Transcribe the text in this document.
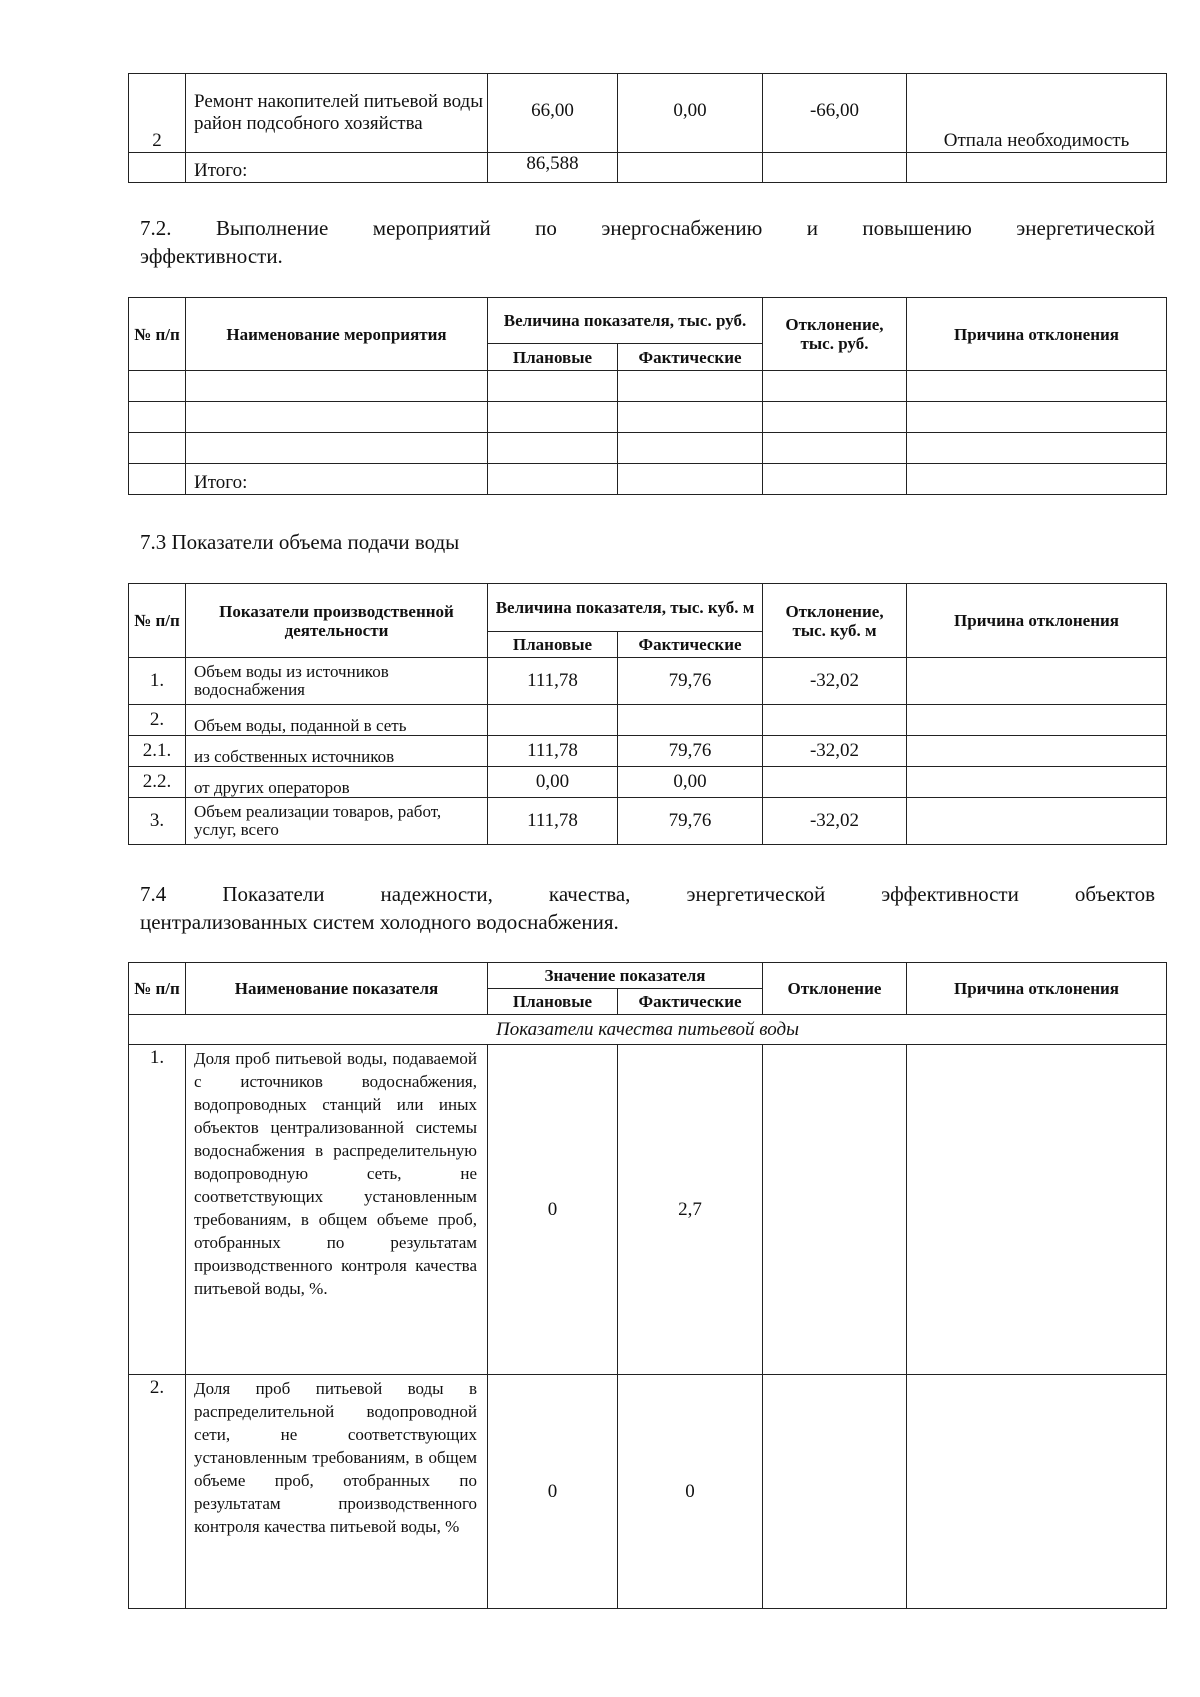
2	Ремонт накопителей питьевой воды район подсобного хозяйства	66,00	0,00	-66,00	Отпала необходимость
	Итого:	86,588			
7.2. Выполнение мероприятий по энергоснабжению и повышению энергетической
эффективности.
№ п/п	Наименование мероприятия	Величина показателя, тыс. руб.		Отклонение, тыс. руб.	Причина отклонения
		Плановые	Фактические		

	Итого:				
7.3 Показатели объема подачи воды
№ п/п	Показатели производственной деятельности	Величина показателя, тыс. куб. м		Отклонение, тыс. куб. м	Причина отклонения
		Плановые	Фактические		
1.	Объем воды из источников водоснабжения	111,78	79,76	-32,02	
2.	Объем воды, поданной в сеть				
2.1.	из собственных источников	111,78	79,76	-32,02	
2.2.	от других операторов	0,00	0,00		
3.	Объем реализации товаров, работ, услуг, всего	111,78	79,76	-32,02	
7.4 Показатели надежности, качества, энергетической эффективности объектов
централизованных систем холодного водоснабжения.
№ п/п	Наименование показателя	Значение показателя		Отклонение	Причина отклонения
		Плановые	Фактические		
Показатели качества питьевой воды					
1.	Доля проб питьевой воды, подаваемой с источников водоснабжения, водопроводных станций или иных объектов централизованной системы водоснабжения в распределительную водопроводную сеть, не соответствующих установленным требованиям, в общем объеме проб, отобранных по результатам производственного контроля качества питьевой воды, %.	0	2,7		
2.	Доля проб питьевой воды в распределительной водопроводной сети, не соответствующих установленным требованиям, в общем объеме проб, отобранных по результатам производственного контроля качества питьевой воды, %	0	0		
